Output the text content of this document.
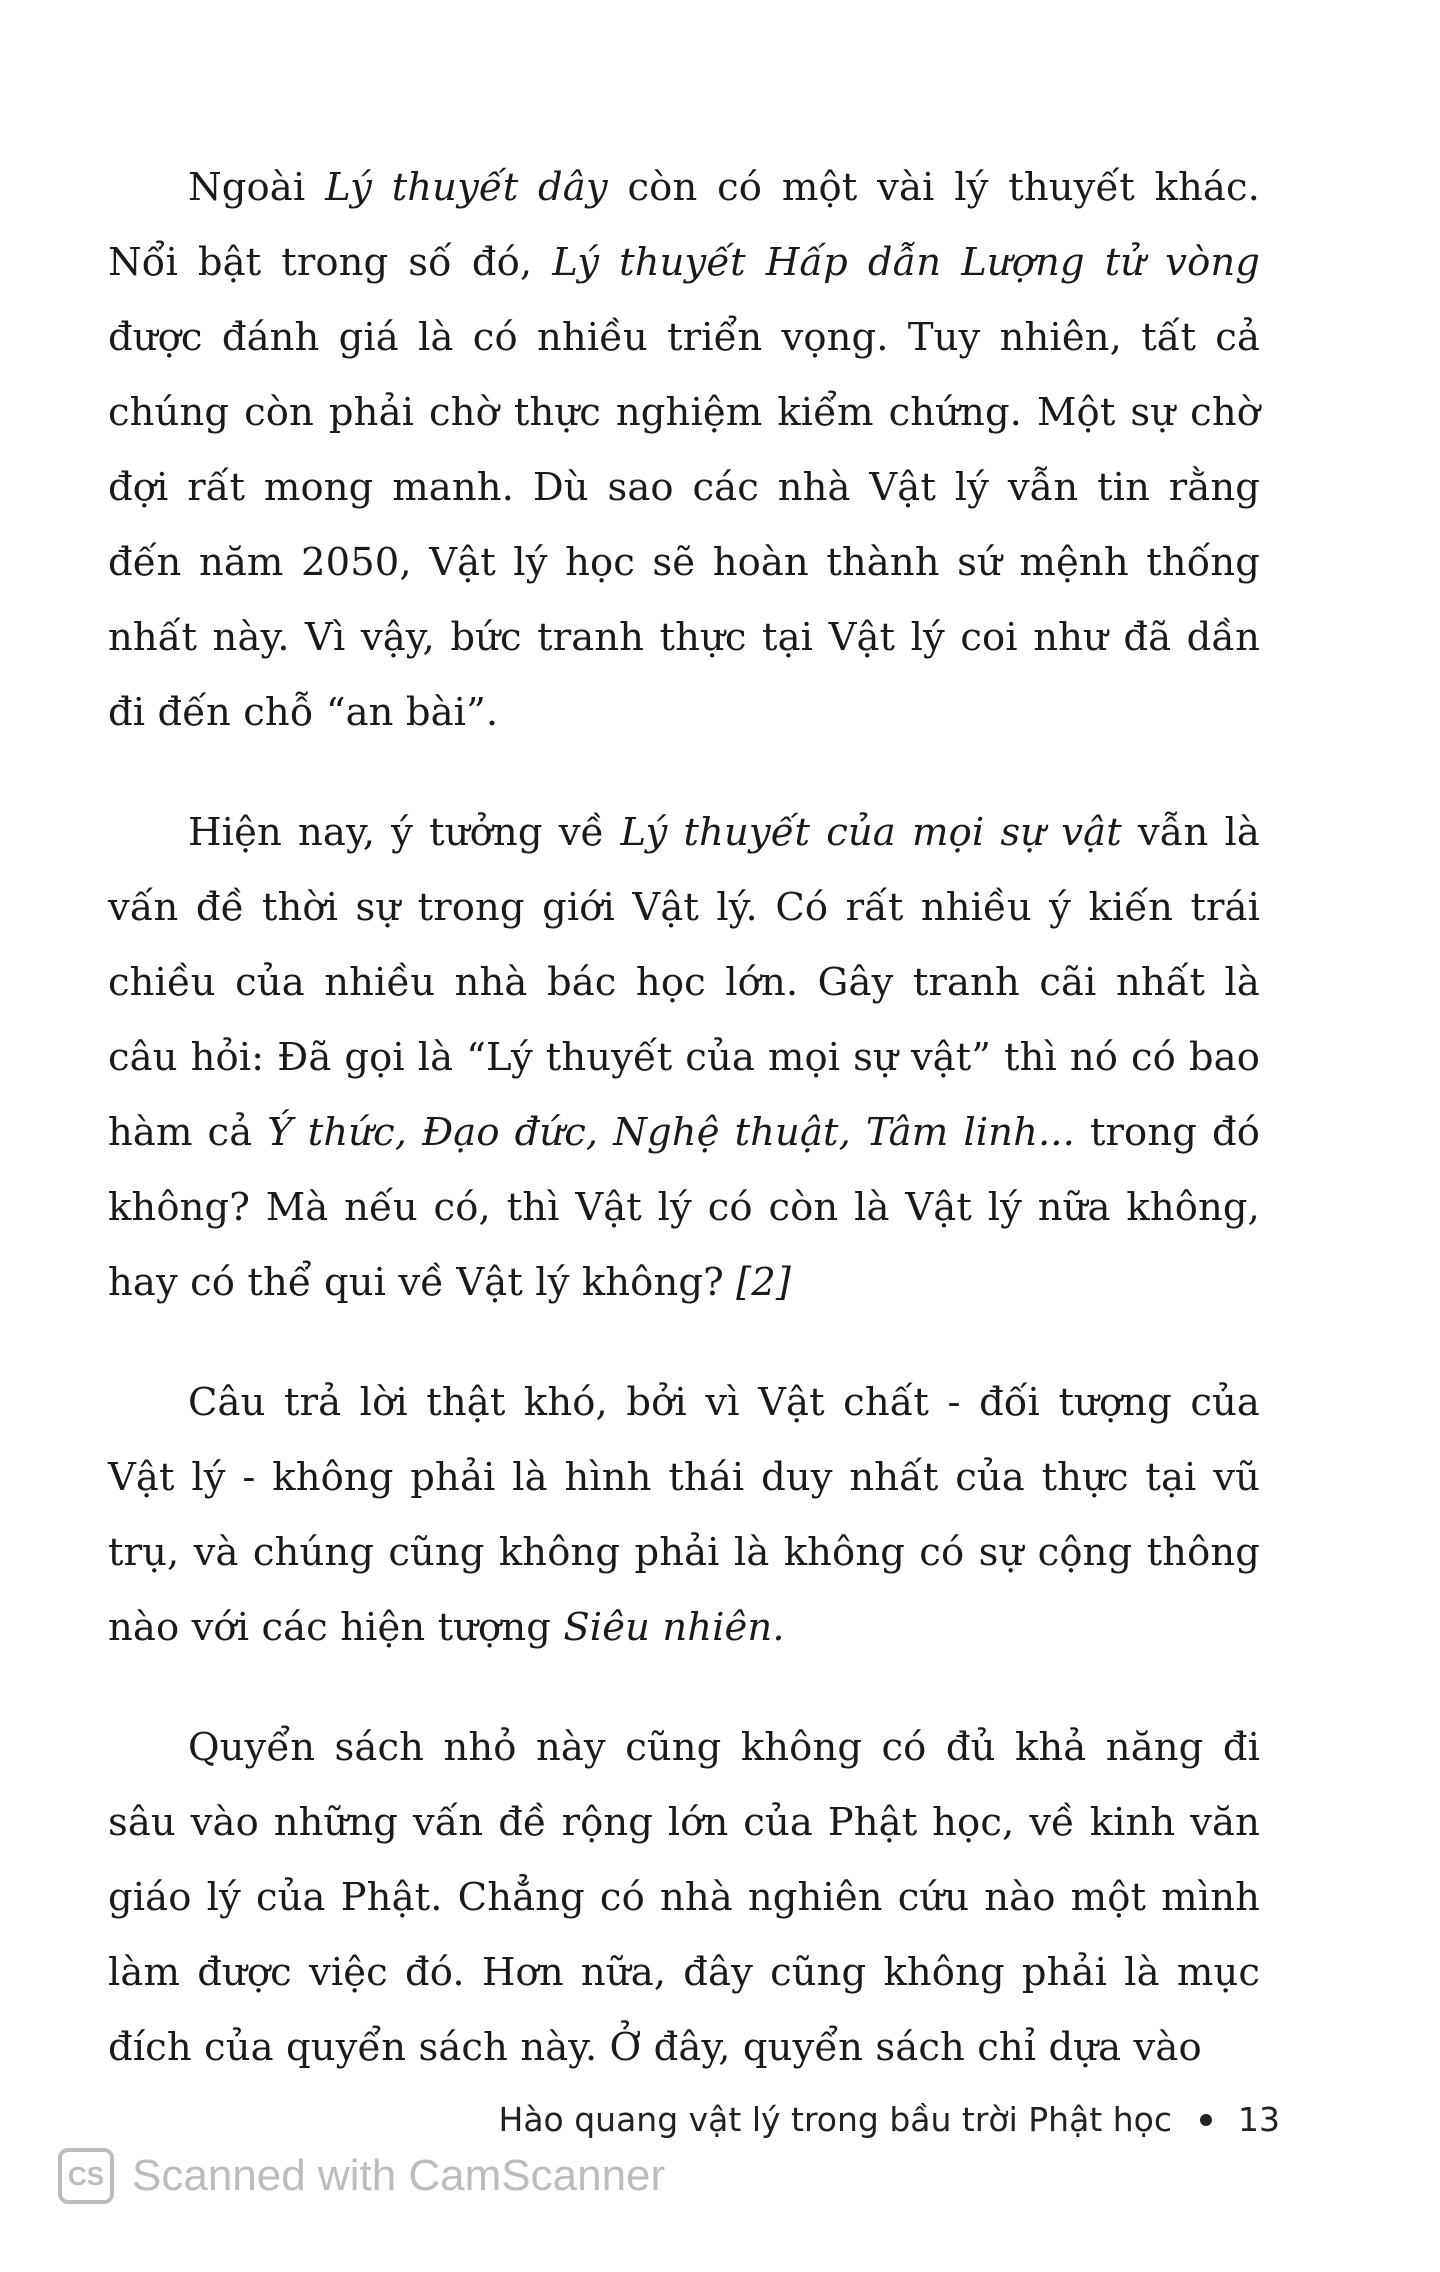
Ngoài Lý thuyết dây còn có một vài lý thuyết khác. Nổi bật trong số đó, Lý thuyết Hấp dẫn Lượng tử vòng được đánh giá là có nhiều triển vọng. Tuy nhiên, tất cả chúng còn phải chờ thực nghiệm kiểm chứng. Một sự chờ đợi rất mong manh. Dù sao các nhà Vật lý vẫn tin rằng đến năm 2050, Vật lý học sẽ hoàn thành sứ mệnh thống nhất này. Vì vậy, bức tranh thực tại Vật lý coi như đã dần đi đến chỗ “an bài”.

Hiện nay, ý tưởng về Lý thuyết của mọi sự vật vẫn là vấn đề thời sự trong giới Vật lý. Có rất nhiều ý kiến trái chiều của nhiều nhà bác học lớn. Gây tranh cãi nhất là câu hỏi: Đã gọi là “Lý thuyết của mọi sự vật” thì nó có bao hàm cả Ý thức, Đạo đức, Nghệ thuật, Tâm linh... trong đó không? Mà nếu có, thì Vật lý có còn là Vật lý nữa không, hay có thể qui về Vật lý không? [2]

Câu trả lời thật khó, bởi vì Vật chất - đối tượng của Vật lý - không phải là hình thái duy nhất của thực tại vũ trụ, và chúng cũng không phải là không có sự cộng thông nào với các hiện tượng Siêu nhiên.

Quyển sách nhỏ này cũng không có đủ khả năng đi sâu vào những vấn đề rộng lớn của Phật học, về kinh văn giáo lý của Phật. Chẳng có nhà nghiên cứu nào một mình làm được việc đó. Hơn nữa, đây cũng không phải là mục đích của quyển sách này. Ở đây, quyển sách chỉ dựa vào

Hào quang vật lý trong bầu trời Phật học 13
CS Scanned with CamScanner
